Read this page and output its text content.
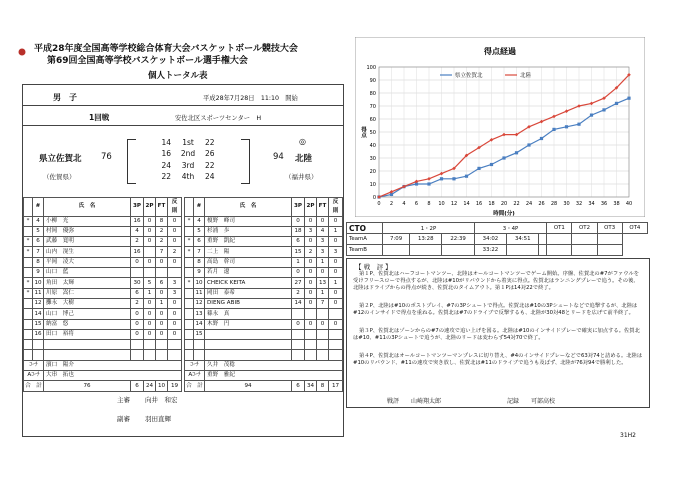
平成28年度全国高等学校総合体育大会バスケットボール競技大会
第69回全国高等学校バスケットボール選手権大会
個人トータル表
男　子	平成28年7月28日　11:10　開始
1回戦	安佐北区スポーツセンター　H
県立佐賀北
（佐賀県）
76
14	1st	22
16	2nd	26
24	3rd	22
22	4th	24
94
◎
北陸
（福井県）
	#	氏　名	3P	2P	FT	反則
*	4	小柳　光	16	0	8	0
	5	村岡　優弥	4	0	2	0
*	6	武藤　寛明	2	0	2	0
*	7	山内　滉生	16		7	2
	8	平岡　凌大	0	0	0	0
	9	山口　藍				
*	10	角田　太輝	30	5	6	3
*	11	川原　嵩仁	6	1	0	3
	12	攤永　大樹	2	0	1	0
	14	山口　博己	0	0	0	0
	15	納富　悠	0	0	0	0
	16	田口　裕将	0	0	0	0

ｺｰﾁ		濱口　陽介				
Aｺｰﾁ		大串　拓也				
合　計		76	6	24	10	19
	#	氏　名	3P	2P	FT	反則
*	4	榎野　峰司	0	0	0	0
	5	杉浦　歩	18	3	4	1
*	6	重野　凱紀	6	0	3	0
*	7	二上　陽	15	2	3	3
	8	高島　幹司	1	0	1	0
	9	若月　遼	0	0	0	0
*	10	CHEICK KEITA	27	0	13	1
	11	岡田　泰希	2	0	1	0
	12	DIENG ABIB	14	0	7	0
	13	篠永　真				
	14	木野　円	0	0	0	0
	15					

ｺｰﾁ		久井　茂稔				
Aｺｰﾁ		重野　雅紀				
合　計		94	6	34	8	17
主審 向井　和宏
副審 羽田直輝
得点経過
0
10
20
30
40
50
60
70
80
90
100
0 2 4 6 8 10 12 14 16 18 20 22 24 26 28 30 32 34 36 38 40
時間(分)
得点
県立佐賀北	北陸
CTO	1・2P			3・4P			OT1	OT2	OT3	OT4
TeamA	7:09	13:28	22:39	34:02	34:51					
TeamB				33:22						
【 戦　評 】
第１P、佐賀北はハーフコートマンツー、北陸はオールコートマンツーでゲーム開始。序盤、佐賀北の#7がファウルを受けフリースローで得点するが、北陸は#10がリバウンドから着実に得点。佐賀北はランニングプレーで追う。その後、北陸はドライブからの得点が続き、佐賀北のタイムアウト。第１Pは14対22で終了。
第２P、北陸は#10のポストプレイ、#7の3Pシュートで得点。佐賀北は#10の3Pシュートなどで追撃するが、北陸は#12のインサイドで得点を重ねる。佐賀北は#7のドライブで反撃するも、北陸が30対48とリードを広げて前半終了。
第３P、佐賀北はゾーンからの#7の速攻で追い上げを図る。北陸は#10のインサイドプレーで確実に加点する。佐賀北は#10、#11の3Pシュートで追うが、北陸のリードは変わらず54対70で終了。
第４P、佐賀北はオールコートマンツーマンプレスに切り替え、#4のインサイドプレーなどで63対74と詰める。北陸は#10のリバウンド、#11の速攻で突き放し、佐賀北は#11のドライブで追うも及ばず、北陸が76対94で勝利した。
戦評 山崎翔太郎	記録 可部高校
31H2
